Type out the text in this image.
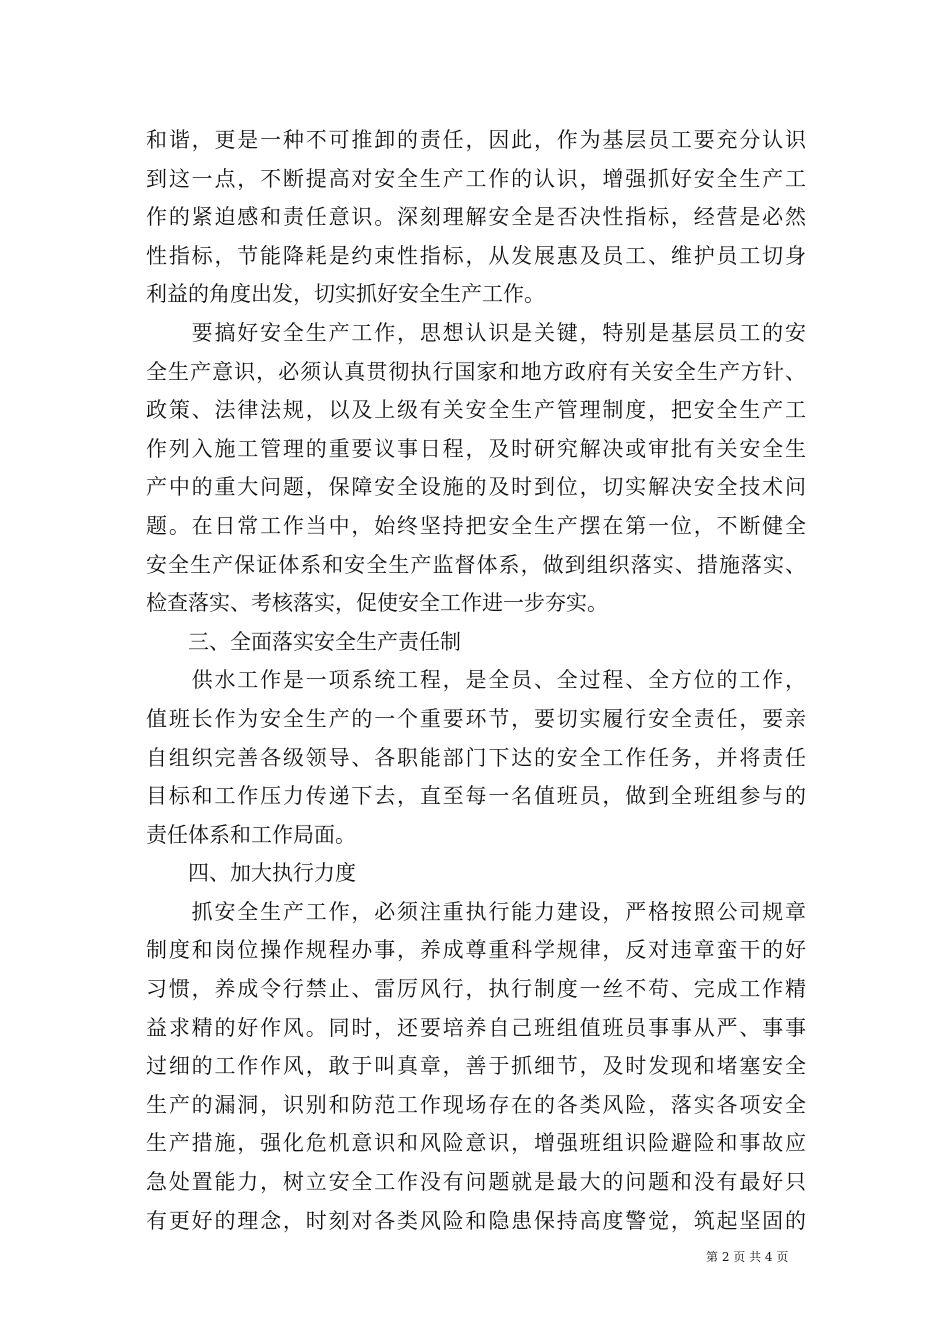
和谐，更是一种不可推卸的责任，因此，作为基层员工要充分认识
到这一点，不断提高对安全生产工作的认识，增强抓好安全生产工
作的紧迫感和责任意识。深刻理解安全是否决性指标，经营是必然
性指标，节能降耗是约束性指标，从发展惠及员工、维护员工切身
利益的角度出发，切实抓好安全生产工作。
　　要搞好安全生产工作，思想认识是关键，特别是基层员工的安
全生产意识，必须认真贯彻执行国家和地方政府有关安全生产方针、
政策、法律法规，以及上级有关安全生产管理制度，把安全生产工
作列入施工管理的重要议事日程，及时研究解决或审批有关安全生
产中的重大问题，保障安全设施的及时到位，切实解决安全技术问
题。在日常工作当中，始终坚持把安全生产摆在第一位，不断健全
安全生产保证体系和安全生产监督体系，做到组织落实、措施落实、
检查落实、考核落实，促使安全工作进一步夯实。
　　三、全面落实安全生产责任制
　　供水工作是一项系统工程，是全员、全过程、全方位的工作，
值班长作为安全生产的一个重要环节，要切实履行安全责任，要亲
自组织完善各级领导、各职能部门下达的安全工作任务，并将责任
目标和工作压力传递下去，直至每一名值班员，做到全班组参与的
责任体系和工作局面。
　　四、加大执行力度
　　抓安全生产工作，必须注重执行能力建设，严格按照公司规章
制度和岗位操作规程办事，养成尊重科学规律，反对违章蛮干的好
习惯，养成令行禁止、雷厉风行，执行制度一丝不苟、完成工作精
益求精的好作风。同时，还要培养自己班组值班员事事从严、事事
过细的工作作风，敢于叫真章，善于抓细节，及时发现和堵塞安全
生产的漏洞，识别和防范工作现场存在的各类风险，落实各项安全
生产措施，强化危机意识和风险意识，增强班组识险避险和事故应
急处置能力，树立安全工作没有问题就是最大的问题和没有最好只
有更好的理念，时刻对各类风险和隐患保持高度警觉，筑起坚固的
第 2 页 共 4 页
